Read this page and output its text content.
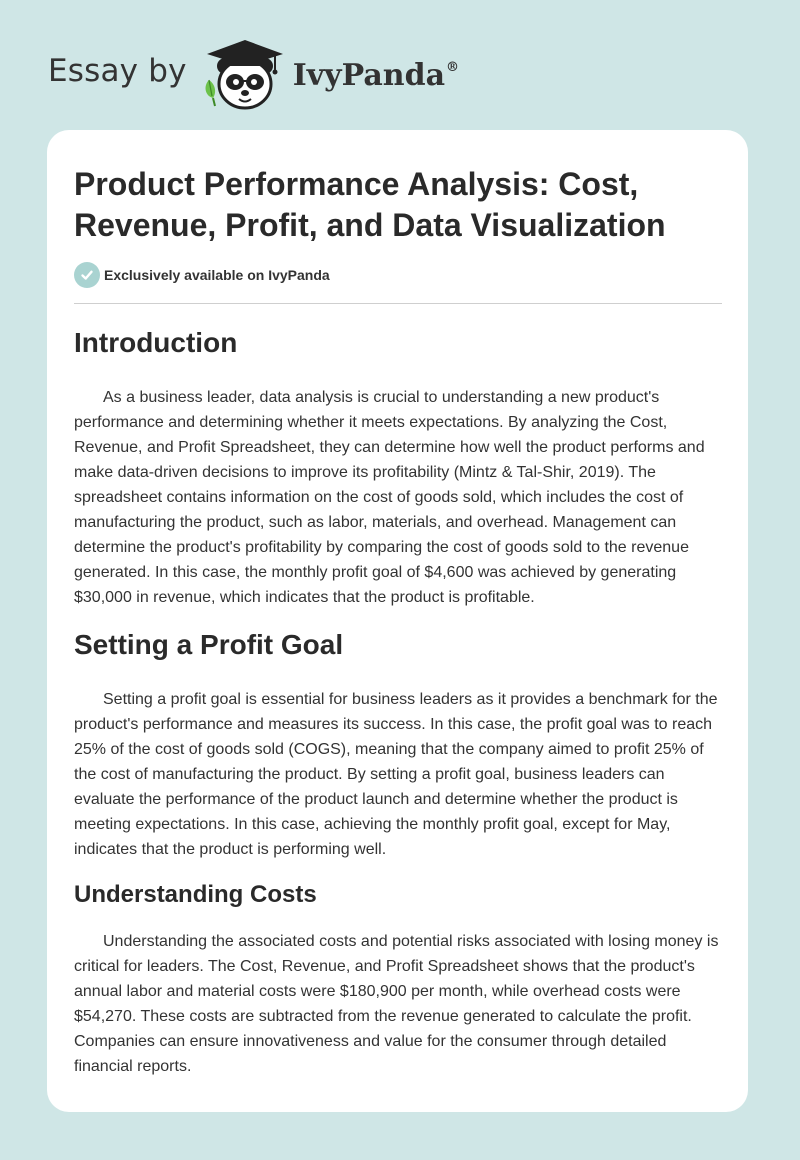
Essay by	IvyPanda®
Product Performance Analysis: Cost, Revenue, Profit, and Data Visualization
Exclusively available on IvyPanda
Introduction

As a business leader, data analysis is crucial to understanding a new product's performance and determining whether it meets expectations. By analyzing the Cost, Revenue, and Profit Spreadsheet, they can determine how well the product performs and make data-driven decisions to improve its profitability (Mintz & Tal-Shir, 2019). The spreadsheet contains information on the cost of goods sold, which includes the cost of manufacturing the product, such as labor, materials, and overhead. Management can determine the product's profitability by comparing the cost of goods sold to the revenue generated. In this case, the monthly profit goal of $4,600 was achieved by generating $30,000 in revenue, which indicates that the product is profitable.

Setting a Profit Goal

Setting a profit goal is essential for business leaders as it provides a benchmark for the product's performance and measures its success. In this case, the profit goal was to reach 25% of the cost of goods sold (COGS), meaning that the company aimed to profit 25% of the cost of manufacturing the product. By setting a profit goal, business leaders can evaluate the performance of the product launch and determine whether the product is meeting expectations. In this case, achieving the monthly profit goal, except for May, indicates that the product is performing well.

Understanding Costs

Understanding the associated costs and potential risks associated with losing money is critical for leaders. The Cost, Revenue, and Profit Spreadsheet shows that the product's annual labor and material costs were $180,900 per month, while overhead costs were $54,270. These costs are subtracted from the revenue generated to calculate the profit. Companies can ensure innovativeness and value for the consumer through detailed financial reports.
